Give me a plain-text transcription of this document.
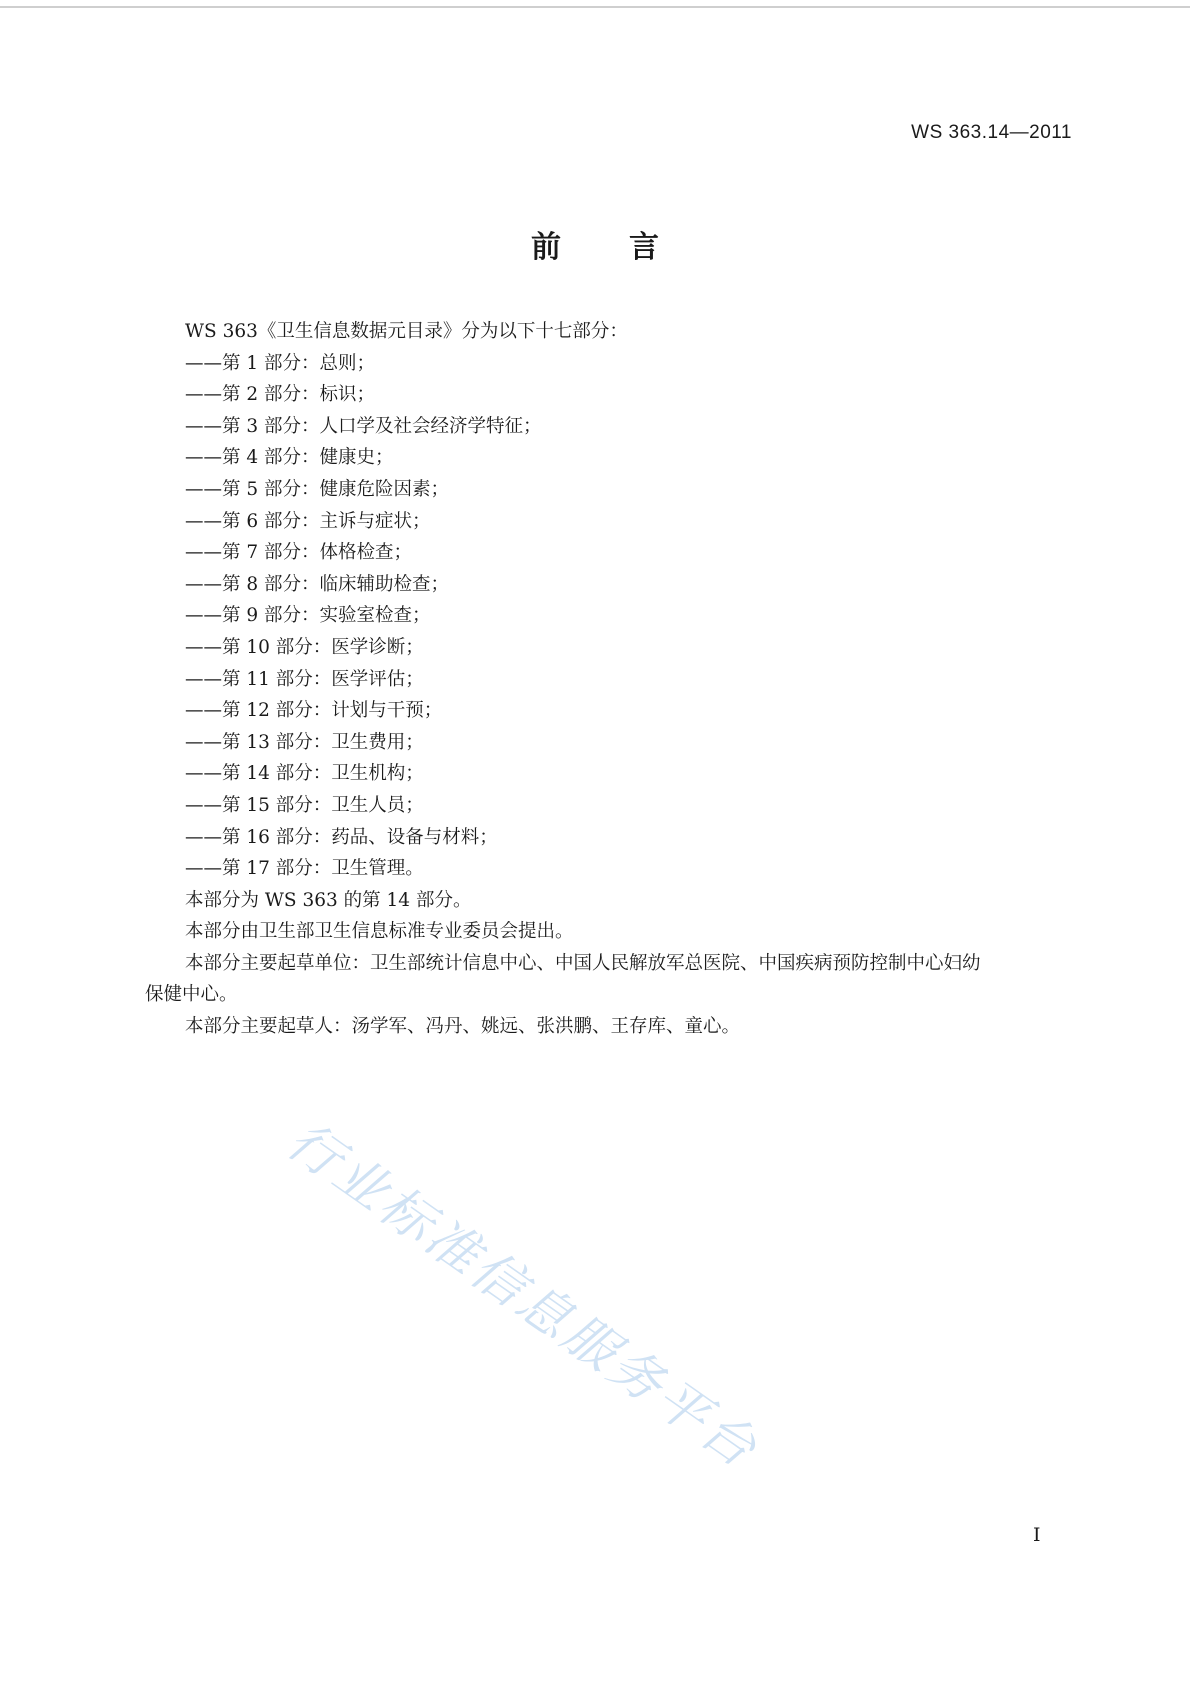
WS 363.14—2011
前言
WS 363《卫生信息数据元目录》分为以下十七部分：
——第 1 部分：总则；
——第 2 部分：标识；
——第 3 部分：人口学及社会经济学特征；
——第 4 部分：健康史；
——第 5 部分：健康危险因素；
——第 6 部分：主诉与症状；
——第 7 部分：体格检查；
——第 8 部分：临床辅助检查；
——第 9 部分：实验室检查；
——第 10 部分：医学诊断；
——第 11 部分：医学评估；
——第 12 部分：计划与干预；
——第 13 部分：卫生费用；
——第 14 部分：卫生机构；
——第 15 部分：卫生人员；
——第 16 部分：药品、设备与材料；
——第 17 部分：卫生管理。
本部分为 WS 363 的第 14 部分。
本部分由卫生部卫生信息标准专业委员会提出。
本部分主要起草单位：卫生部统计信息中心、中国人民解放军总医院、中国疾病预防控制中心妇幼
保健中心。
本部分主要起草人：汤学军、冯丹、姚远、张洪鹏、王存库、童心。
行业标准信息服务平台
I
